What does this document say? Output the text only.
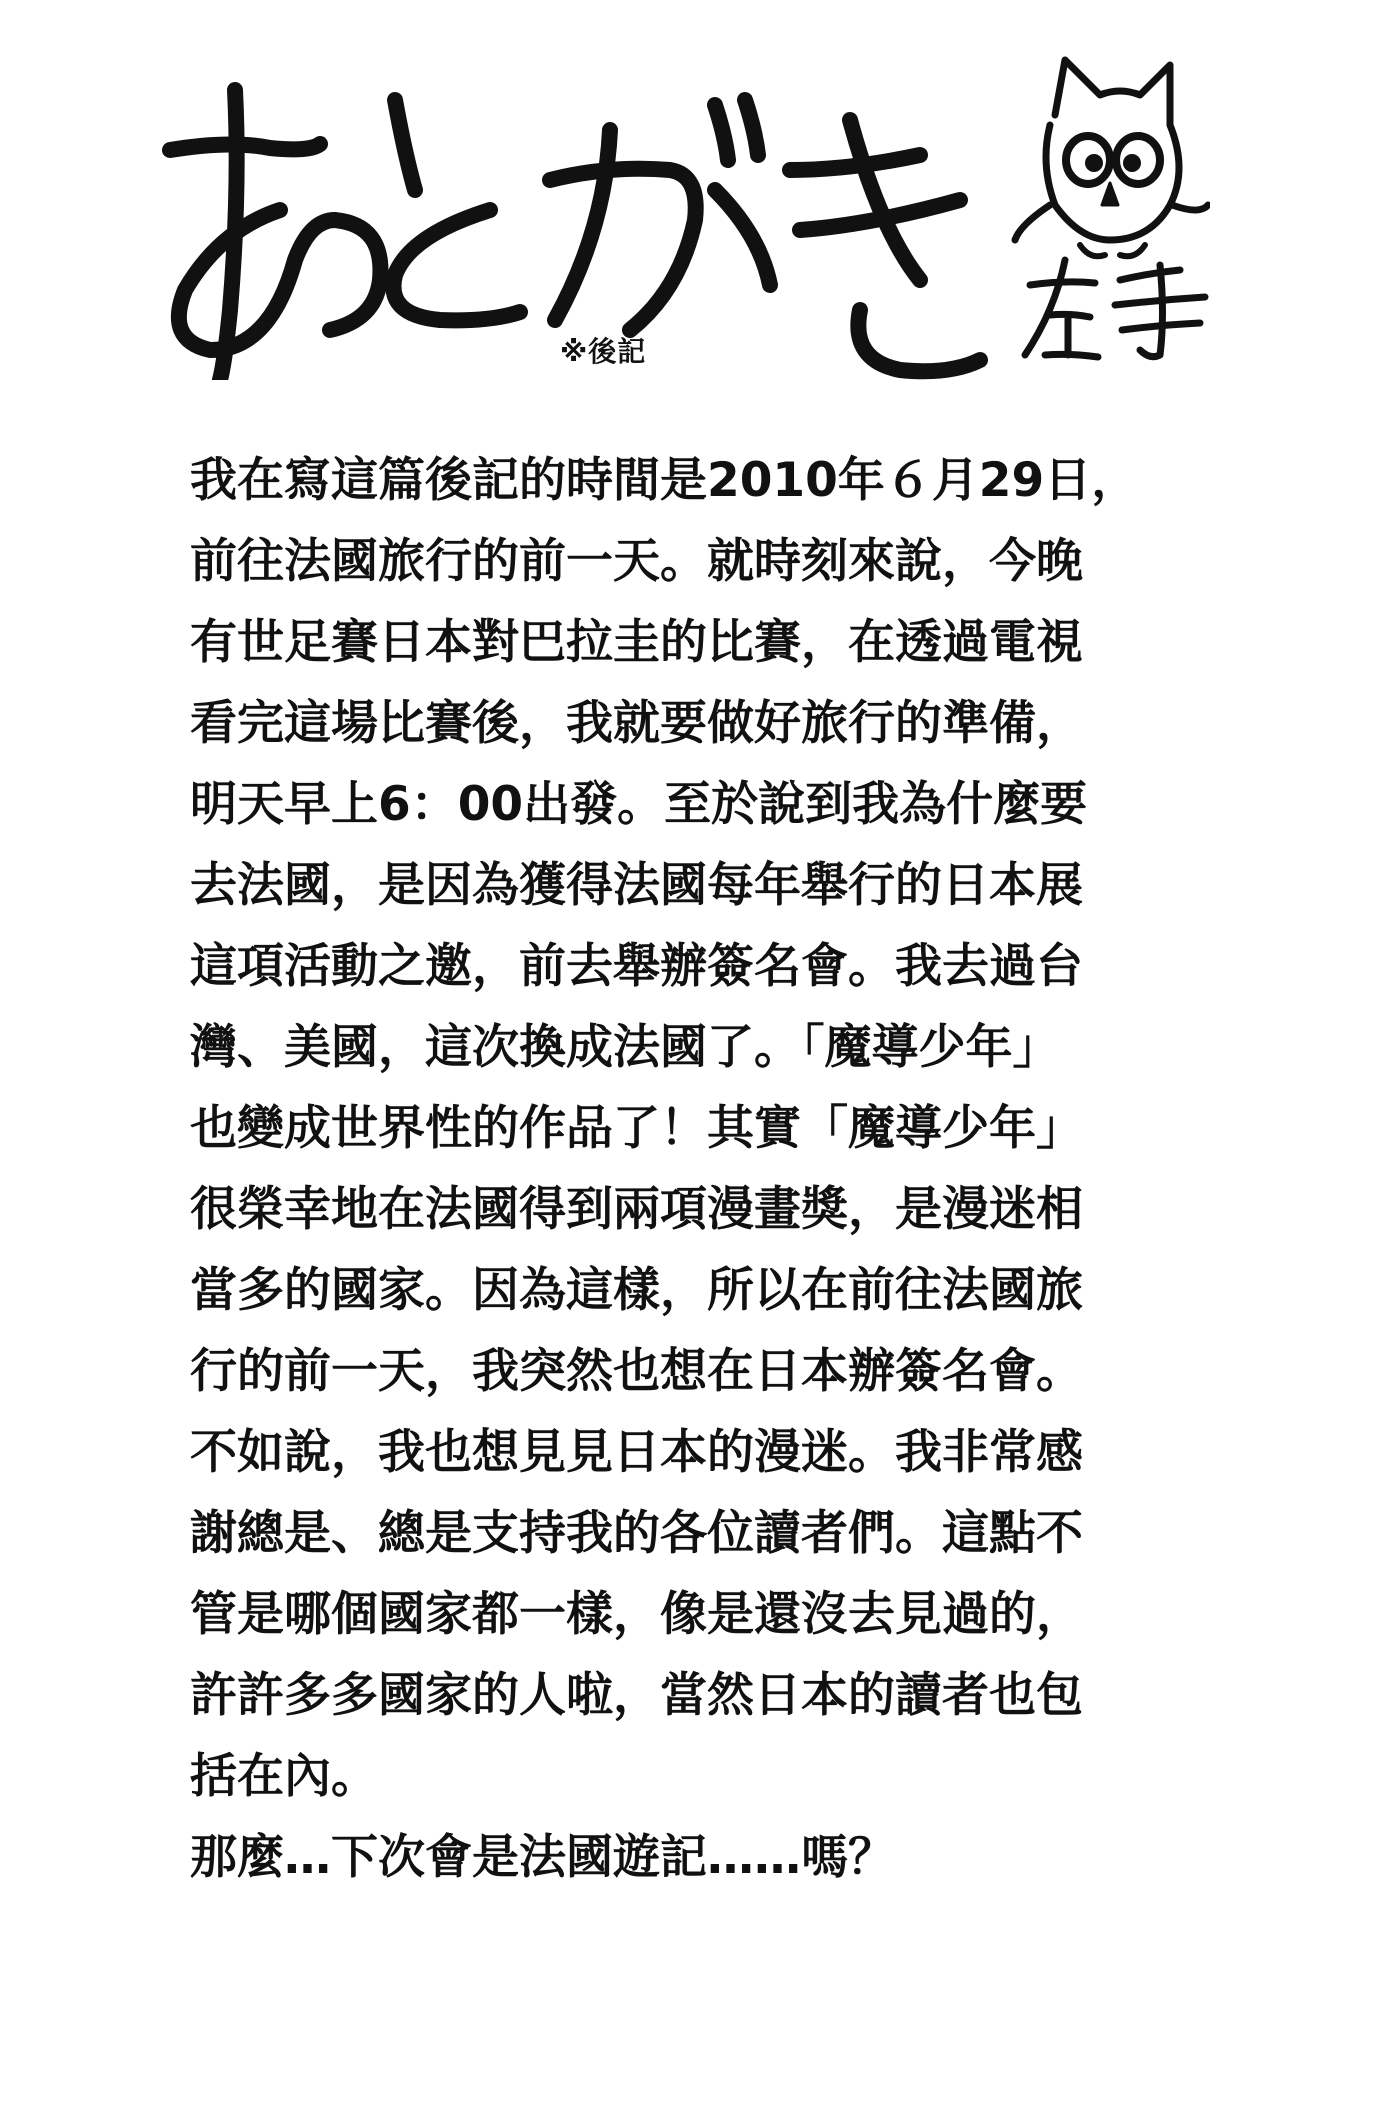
※後記
我在寫這篇後記的時間是2010年６月29日，
前往法國旅行的前一天。就時刻來說，今晚
有世足賽日本對巴拉圭的比賽，在透過電視
看完這場比賽後，我就要做好旅行的準備，
明天早上6：00出發。至於說到我為什麼要
去法國，是因為獲得法國每年舉行的日本展
這項活動之邀，前去舉辦簽名會。我去過台
灣、美國，這次換成法國了。「魔導少年」
也變成世界性的作品了！其實「魔導少年」
很榮幸地在法國得到兩項漫畫獎，是漫迷相
當多的國家。因為這樣，所以在前往法國旅
行的前一天，我突然也想在日本辦簽名會。
不如說，我也想見見日本的漫迷。我非常感
謝總是、總是支持我的各位讀者們。這點不
管是哪個國家都一樣，像是還沒去見過的，
許許多多國家的人啦，當然日本的讀者也包
括在內。
那麼…下次會是法國遊記……嗎？
